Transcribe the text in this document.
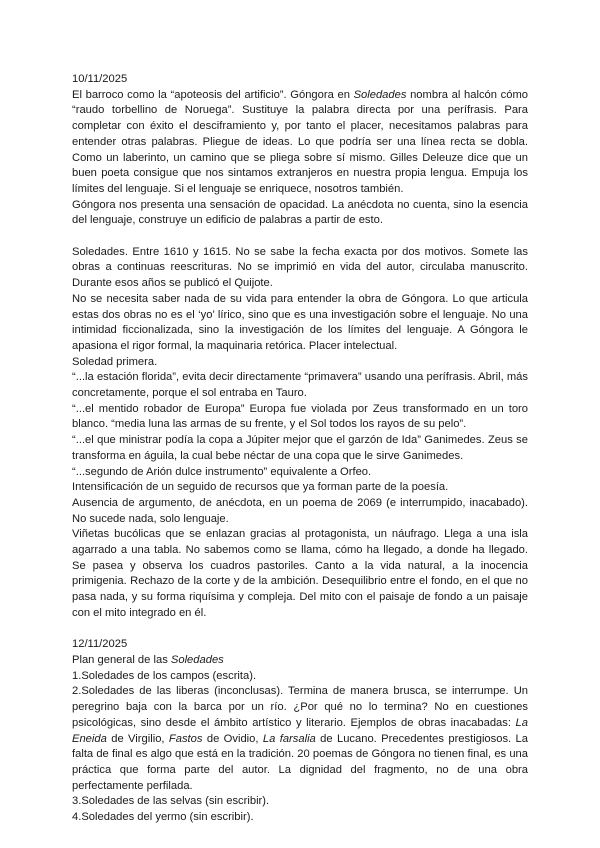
10/11/2025

El barroco como la “apoteosis del artificio”. Góngora en Soledades nombra al halcón cómo “raudo torbellino de Noruega”. Sustituye la palabra directa por una perífrasis. Para completar con éxito el desciframiento y, por tanto el placer, necesitamos palabras para entender otras palabras. Pliegue de ideas. Lo que podría ser una línea recta se dobla. Como un laberinto, un camino que se pliega sobre sí mismo. Gilles Deleuze dice que un buen poeta consigue que nos sintamos extranjeros en nuestra propia lengua. Empuja los límites del lenguaje. Si el lenguaje se enriquece, nosotros también.

Góngora nos presenta una sensación de opacidad. La anécdota no cuenta, sino la esencia del lenguaje, construye un edificio de palabras a partir de esto.

Soledades. Entre 1610 y 1615. No se sabe la fecha exacta por dos motivos. Somete las obras a continuas reescrituras. No se imprimió en vida del autor, circulaba manuscrito. Durante esos años se publicó el Quijote.

No se necesita saber nada de su vida para entender la obra de Góngora. Lo que articula estas dos obras no es el ‘yo’ lírico, sino que es una investigación sobre el lenguaje. No una intimidad ficcionalizada, sino la investigación de los límites del lenguaje. A Góngora le apasiona el rigor formal, la maquinaria retórica. Placer intelectual.

Soledad primera.

“...la estación florida”, evita decir directamente “primavera” usando una perífrasis. Abril, más concretamente, porque el sol entraba en Tauro.

“...el mentido robador de Europa” Europa fue violada por Zeus transformado en un toro blanco. “media luna las armas de su frente, y el Sol todos los rayos de su pelo”.

“...el que ministrar podía la copa a Júpiter mejor que el garzón de Ida” Ganimedes. Zeus se transforma en águila, la cual bebe néctar de una copa que le sirve Ganimedes.

“...segundo de Arión dulce instrumento” equivalente a Orfeo.

Intensificación de un seguido de recursos que ya forman parte de la poesía.

Ausencia de argumento, de anécdota, en un poema de 2069 (e interrumpido, inacabado). No sucede nada, solo lenguaje.

Viñetas bucólicas que se enlazan gracias al protagonista, un náufrago. Llega a una isla agarrado a una tabla. No sabemos como se llama, cómo ha llegado, a donde ha llegado. Se pasea y observa los cuadros pastoriles. Canto a la vida natural, a la inocencia primigenia. Rechazo de la corte y de la ambición. Desequilibrio entre el fondo, en el que no pasa nada, y su forma riquísima y compleja. Del mito con el paisaje de fondo a un paisaje con el mito integrado en él.

12/11/2025

Plan general de las Soledades

1.Soledades de los campos (escrita).

2.Soledades de las liberas (inconclusas). Termina de manera brusca, se interrumpe. Un peregrino baja con la barca por un río. ¿Por qué no lo termina? No en cuestiones psicológicas, sino desde el ámbito artístico y literario. Ejemplos de obras inacabadas: La Eneida de Virgilio, Fastos de Ovidio, La farsalia de Lucano. Precedentes prestigiosos. La falta de final es algo que está en la tradición. 20 poemas de Góngora no tienen final, es una práctica que forma parte del autor. La dignidad del fragmento, no de una obra perfectamente perfilada.

3.Soledades de las selvas (sin escribir).

4.Soledades del yermo (sin escribir).
